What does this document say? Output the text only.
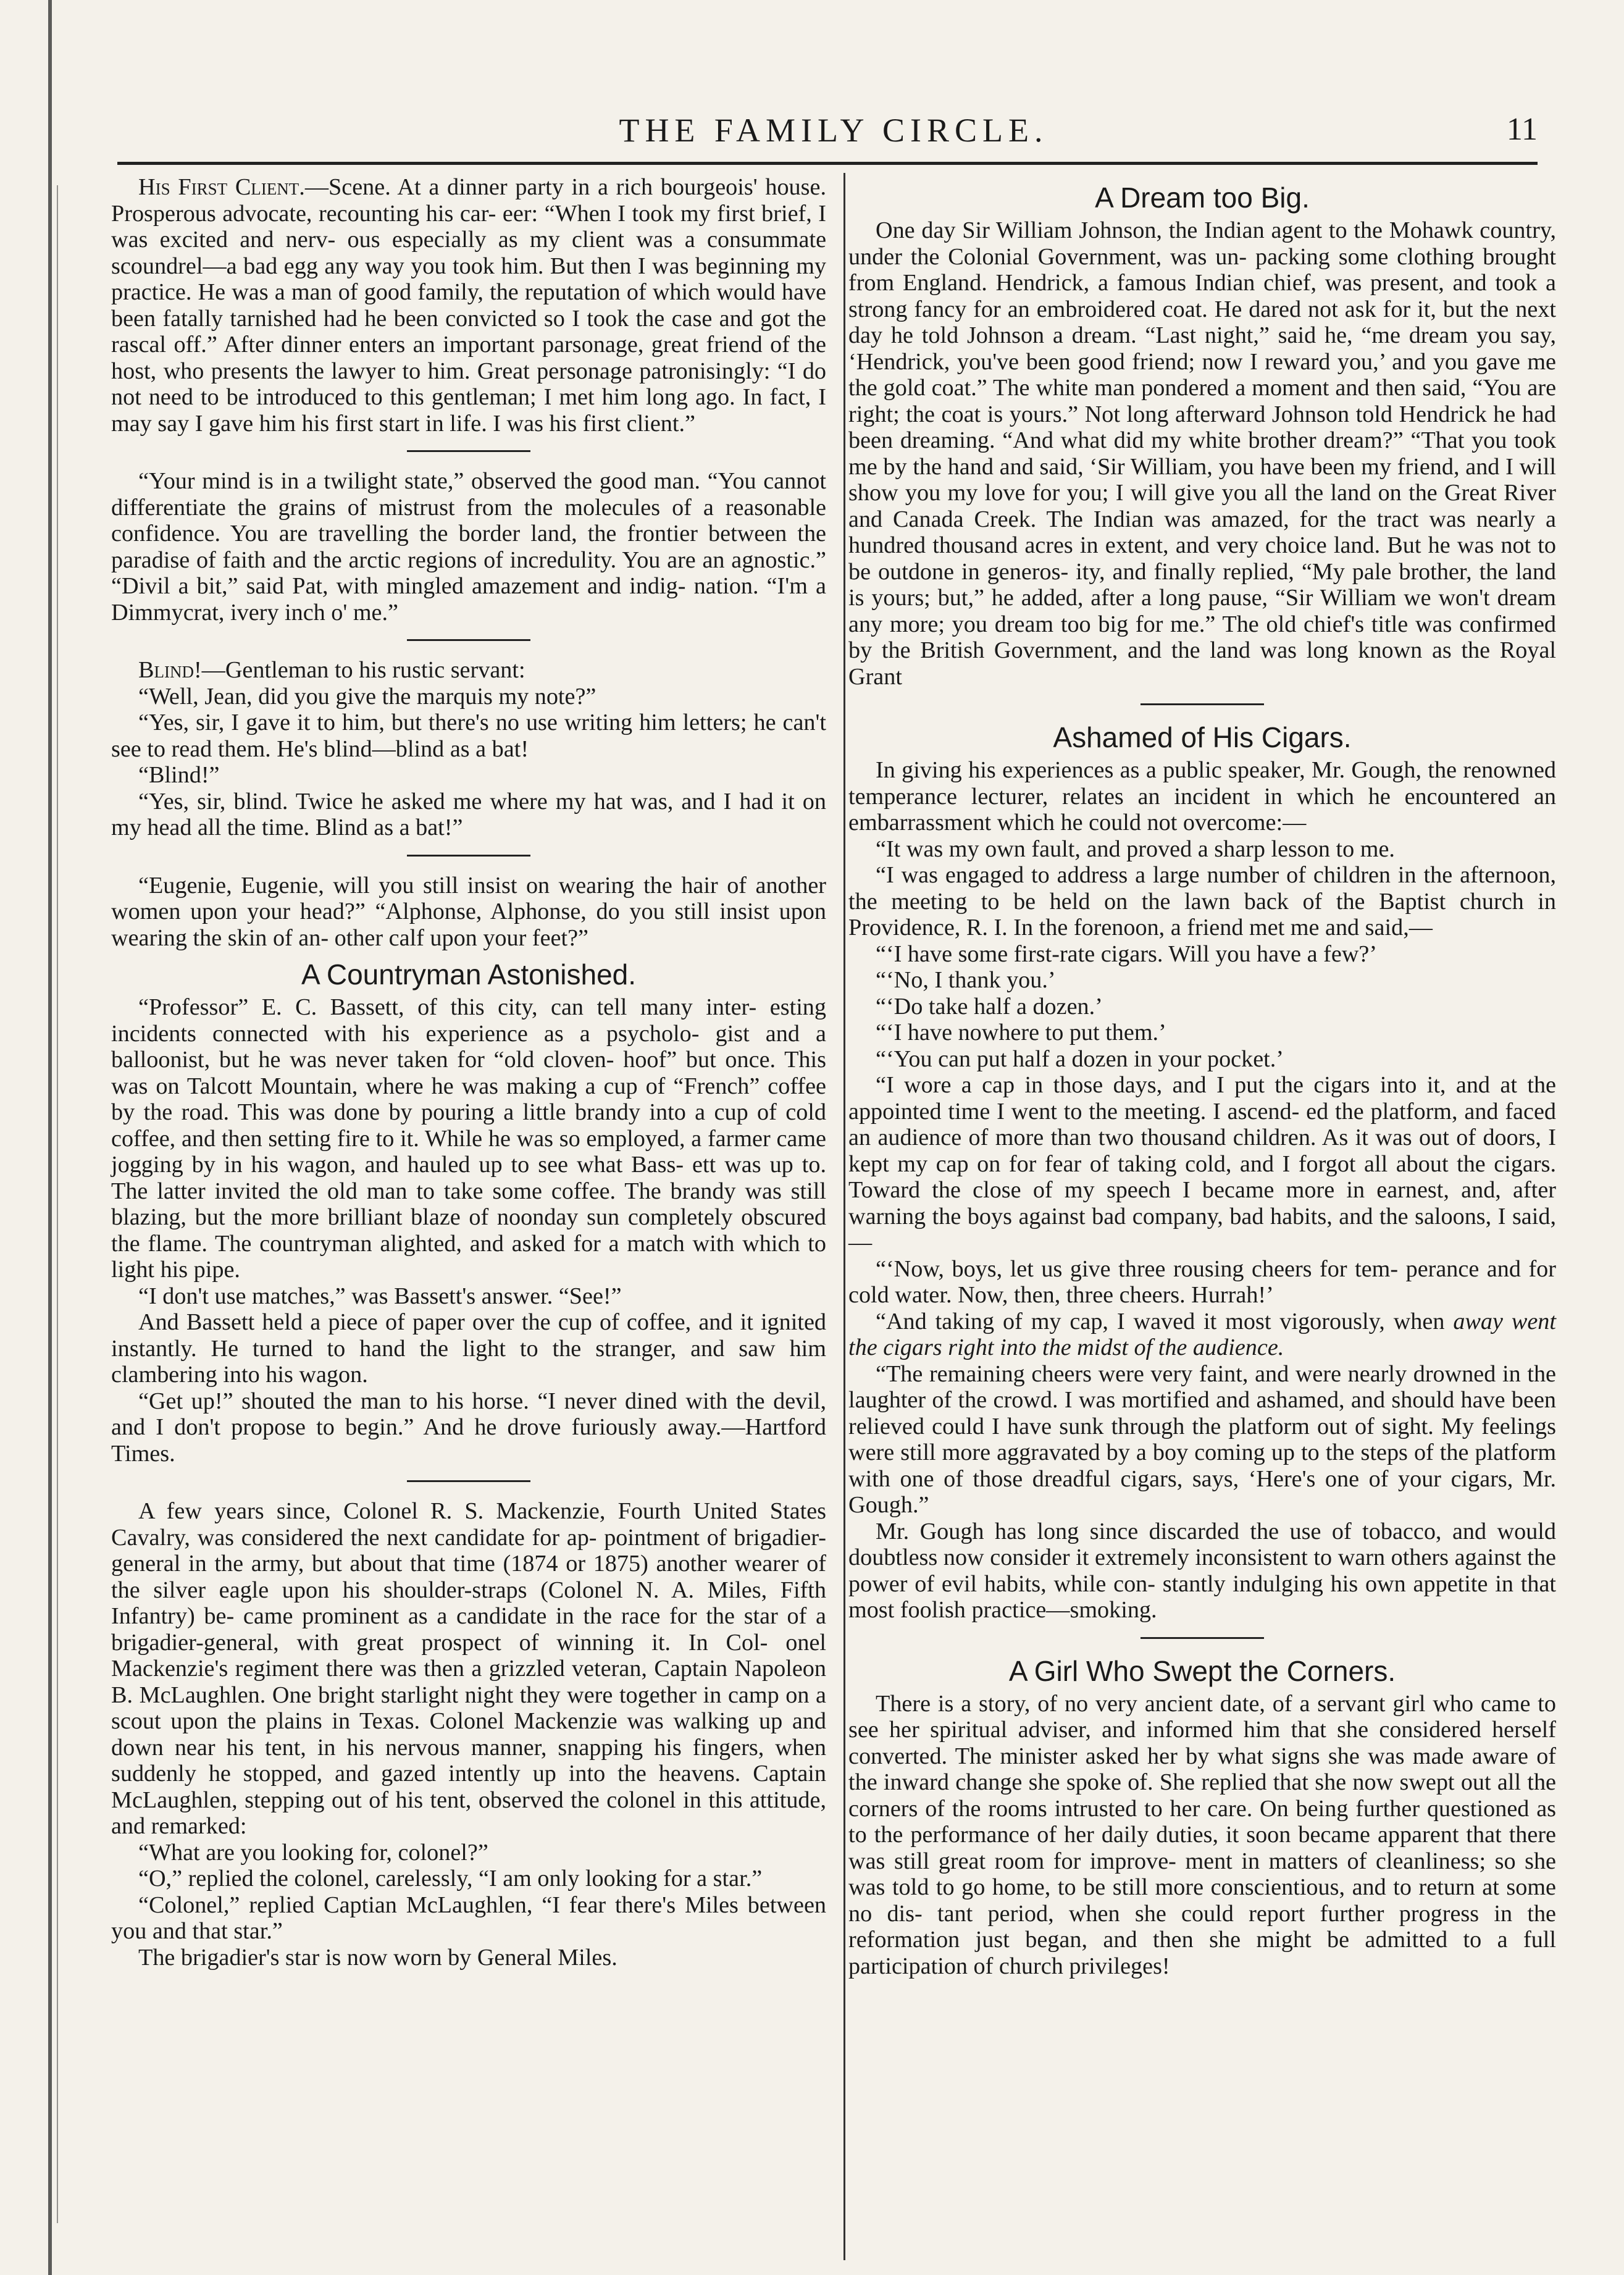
THE FAMILY CIRCLE.	11

His First Client.—Scene. At a dinner party in a rich bourgeois' house. Prosperous advocate, recounting his car- eer: “When I took my first brief, I was excited and nerv- ous especially as my client was a consummate scoundrel—a bad egg any way you took him. But then I was beginning my practice. He was a man of good family, the reputation of which would have been fatally tarnished had he been convicted so I took the case and got the rascal off.” After dinner enters an important parsonage, great friend of the host, who presents the lawyer to him. Great personage patronisingly: “I do not need to be introduced to this gentleman; I met him long ago. In fact, I may say I gave him his first start in life. I was his first client.”

“Your mind is in a twilight state,” observed the good man. “You cannot differentiate the grains of mistrust from the molecules of a reasonable confidence. You are travelling the border land, the frontier between the paradise of faith and the arctic regions of incredulity. You are an agnostic.” “Divil a bit,” said Pat, with mingled amazement and indig- nation. “I'm a Dimmycrat, ivery inch o' me.”

Blind!—Gentleman to his rustic servant:

“Well, Jean, did you give the marquis my note?”

“Yes, sir, I gave it to him, but there's no use writing him letters; he can't see to read them. He's blind—blind as a bat!

“Blind!”

“Yes, sir, blind. Twice he asked me where my hat was, and I had it on my head all the time. Blind as a bat!”

“Eugenie, Eugenie, will you still insist on wearing the hair of another women upon your head?” “Alphonse, Alphonse, do you still insist upon wearing the skin of an- other calf upon your feet?”

A Countryman Astonished.

“Professor” E. C. Bassett, of this city, can tell many inter- esting incidents connected with his experience as a psycholo- gist and a balloonist, but he was never taken for “old cloven- hoof” but once. This was on Talcott Mountain, where he was making a cup of “French” coffee by the road. This was done by pouring a little brandy into a cup of cold coffee, and then setting fire to it. While he was so employed, a farmer came jogging by in his wagon, and hauled up to see what Bass- ett was up to. The latter invited the old man to take some coffee. The brandy was still blazing, but the more brilliant blaze of noonday sun completely obscured the flame. The countryman alighted, and asked for a match with which to light his pipe.

“I don't use matches,” was Bassett's answer. “See!”

And Bassett held a piece of paper over the cup of coffee, and it ignited instantly. He turned to hand the light to the stranger, and saw him clambering into his wagon.

“Get up!” shouted the man to his horse. “I never dined with the devil, and I don't propose to begin.” And he drove furiously away.—Hartford Times.

A few years since, Colonel R. S. Mackenzie, Fourth United States Cavalry, was considered the next candidate for ap- pointment of brigadier-general in the army, but about that time (1874 or 1875) another wearer of the silver eagle upon his shoulder-straps (Colonel N. A. Miles, Fifth Infantry) be- came prominent as a candidate in the race for the star of a brigadier-general, with great prospect of winning it. In Col- onel Mackenzie's regiment there was then a grizzled veteran, Captain Napoleon B. McLaughlen. One bright starlight night they were together in camp on a scout upon the plains in Texas. Colonel Mackenzie was walking up and down near his tent, in his nervous manner, snapping his fingers, when suddenly he stopped, and gazed intently up into the heavens. Captain McLaughlen, stepping out of his tent, observed the colonel in this attitude, and remarked:

“What are you looking for, colonel?”

“O,” replied the colonel, carelessly, “I am only looking for a star.”

“Colonel,” replied Captian McLaughlen, “I fear there's Miles between you and that star.”

The brigadier's star is now worn by General Miles.

A Dream too Big.

One day Sir William Johnson, the Indian agent to the Mohawk country, under the Colonial Government, was un- packing some clothing brought from England. Hendrick, a famous Indian chief, was present, and took a strong fancy for an embroidered coat. He dared not ask for it, but the next day he told Johnson a dream. “Last night,” said he, “me dream you say, ‘Hendrick, you've been good friend; now I reward you,’ and you gave me the gold coat.” The white man pondered a moment and then said, “You are right; the coat is yours.” Not long afterward Johnson told Hendrick he had been dreaming. “And what did my white brother dream?” “That you took me by the hand and said, ‘Sir William, you have been my friend, and I will show you my love for you; I will give you all the land on the Great River and Canada Creek. The Indian was amazed, for the tract was nearly a hundred thousand acres in extent, and very choice land. But he was not to be outdone in generos- ity, and finally replied, “My pale brother, the land is yours; but,” he added, after a long pause, “Sir William we won't dream any more; you dream too big for me.” The old chief's title was confirmed by the British Government, and the land was long known as the Royal Grant

Ashamed of His Cigars.

In giving his experiences as a public speaker, Mr. Gough, the renowned temperance lecturer, relates an incident in which he encountered an embarrassment which he could not overcome:—

“It was my own fault, and proved a sharp lesson to me.

“I was engaged to address a large number of children in the afternoon, the meeting to be held on the lawn back of the Baptist church in Providence, R. I. In the forenoon, a friend met me and said,—

“‘I have some first-rate cigars. Will you have a few?’

“‘No, I thank you.’

“‘Do take half a dozen.’

“‘I have nowhere to put them.’

“‘You can put half a dozen in your pocket.’

“I wore a cap in those days, and I put the cigars into it, and at the appointed time I went to the meeting. I ascend- ed the platform, and faced an audience of more than two thousand children. As it was out of doors, I kept my cap on for fear of taking cold, and I forgot all about the cigars. Toward the close of my speech I became more in earnest, and, after warning the boys against bad company, bad habits, and the saloons, I said,—

“‘Now, boys, let us give three rousing cheers for tem- perance and for cold water. Now, then, three cheers. Hurrah!’

“And taking of my cap, I waved it most vigorously, when away went the cigars right into the midst of the audience.

“The remaining cheers were very faint, and were nearly drowned in the laughter of the crowd. I was mortified and ashamed, and should have been relieved could I have sunk through the platform out of sight. My feelings were still more aggravated by a boy coming up to the steps of the platform with one of those dreadful cigars, says, ‘Here's one of your cigars, Mr. Gough.”

Mr. Gough has long since discarded the use of tobacco, and would doubtless now consider it extremely inconsistent to warn others against the power of evil habits, while con- stantly indulging his own appetite in that most foolish practice—smoking.

A Girl Who Swept the Corners.

There is a story, of no very ancient date, of a servant girl who came to see her spiritual adviser, and informed him that she considered herself converted. The minister asked her by what signs she was made aware of the inward change she spoke of. She replied that she now swept out all the corners of the rooms intrusted to her care. On being further questioned as to the performance of her daily duties, it soon became apparent that there was still great room for improve- ment in matters of cleanliness; so she was told to go home, to be still more conscientious, and to return at some no dis- tant period, when she could report further progress in the reformation just began, and then she might be admitted to a full participation of church privileges!
